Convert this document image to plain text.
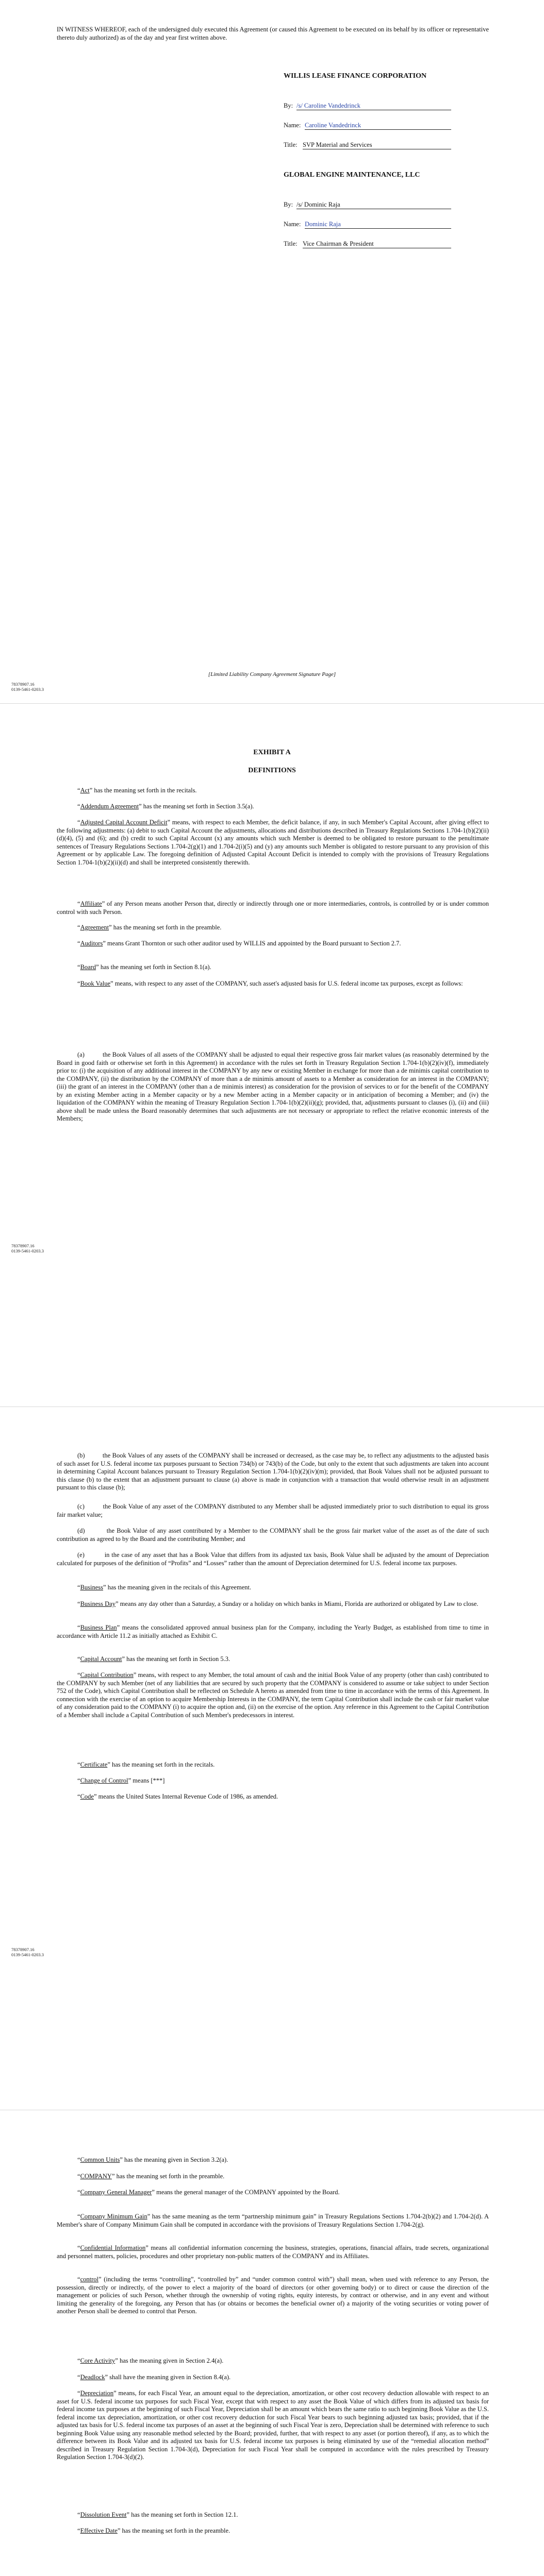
IN WITNESS WHEREOF, each of the undersigned duly executed this Agreement (or caused this Agreement to be executed on its behalf by its officer or representative thereto duly authorized) as of the day and year first written above.
WILLIS LEASE FINANCE CORPORATION
By: /s/ Caroline Vandedrinck
Name: Caroline Vandedrinck
Title: SVP Material and Services
GLOBAL ENGINE MAINTENANCE, LLC
By: /s/ Dominic Raja
Name: Dominic Raja
Title: Vice Chairman & President
[Limited Liability Company Agreement Signature Page]
78378907.16
0139-5461-0203.3
EXHIBIT A
DEFINITIONS
“Act” has the meaning set forth in the recitals.
“Addendum Agreement” has the meaning set forth in Section 3.5(a).
“Adjusted Capital Account Deficit” means, with respect to each Member, the deficit balance, if any, in such Member's Capital Account, after giving effect to the following adjustments: (a) debit to such Capital Account the adjustments, allocations and distributions described in Treasury Regulations Sections 1.704-1(b)(2)(ii)(d)(4), (5) and (6); and (b) credit to such Capital Account (x) any amounts which such Member is deemed to be obligated to restore pursuant to the penultimate sentences of Treasury Regulations Sections 1.704-2(g)(1) and 1.704-2(i)(5) and (y) any amounts such Member is obligated to restore pursuant to any provision of this Agreement or by applicable Law. The foregoing definition of Adjusted Capital Account Deficit is intended to comply with the provisions of Treasury Regulations Section 1.704-1(b)(2)(ii)(d) and shall be interpreted consistently therewith.
“Affiliate” of any Person means another Person that, directly or indirectly through one or more intermediaries, controls, is controlled by or is under common control with such Person.
“Agreement” has the meaning set forth in the preamble.
“Auditors” means Grant Thornton or such other auditor used by WILLIS and appointed by the Board pursuant to Section 2.7.
“Board” has the meaning set forth in Section 8.1(a).
“Book Value” means, with respect to any asset of the COMPANY, such asset's adjusted basis for U.S. federal income tax purposes, except as follows:
(a)          the Book Values of all assets of the COMPANY shall be adjusted to equal their respective gross fair market values (as reasonably determined by the Board in good faith or otherwise set forth in this Agreement) in accordance with the rules set forth in Treasury Regulation Section 1.704-1(b)(2)(iv)(f), immediately prior to: (i) the acquisition of any additional interest in the COMPANY by any new or existing Member in exchange for more than a de minimis capital contribution to the COMPANY, (ii) the distribution by the COMPANY of more than a de minimis amount of assets to a Member as consideration for an interest in the COMPANY; (iii) the grant of an interest in the COMPANY (other than a de minimis interest) as consideration for the provision of services to or for the benefit of the COMPANY by an existing Member acting in a Member capacity or by a new Member acting in a Member capacity or in anticipation of becoming a Member; and (iv) the liquidation of the COMPANY within the meaning of Treasury Regulation Section 1.704-1(b)(2)(ii)(g); provided, that, adjustments pursuant to clauses (i), (ii) and (iii) above shall be made unless the Board reasonably determines that such adjustments are not necessary or appropriate to reflect the relative economic interests of the Members;
78378907.16
0139-5461-0203.3
(b)          the Book Values of any assets of the COMPANY shall be increased or decreased, as the case may be, to reflect any adjustments to the adjusted basis of such asset for U.S. federal income tax purposes pursuant to Section 734(b) or 743(b) of the Code, but only to the extent that such adjustments are taken into account in determining Capital Account balances pursuant to Treasury Regulation Section 1.704-1(b)(2)(iv)(m); provided, that Book Values shall not be adjusted pursuant to this clause (b) to the extent that an adjustment pursuant to clause (a) above is made in conjunction with a transaction that would otherwise result in an adjustment pursuant to this clause (b);
(c)          the Book Value of any asset of the COMPANY distributed to any Member shall be adjusted immediately prior to such distribution to equal its gross fair market value;
(d)          the Book Value of any asset contributed by a Member to the COMPANY shall be the gross fair market value of the asset as of the date of such contribution as agreed to by the Board and the contributing Member; and
(e)          in the case of any asset that has a Book Value that differs from its adjusted tax basis, Book Value shall be adjusted by the amount of Depreciation calculated for purposes of the definition of “Profits” and “Losses” rather than the amount of Depreciation determined for U.S. federal income tax purposes.
“Business” has the meaning given in the recitals of this Agreement.
“Business Day” means any day other than a Saturday, a Sunday or a holiday on which banks in Miami, Florida are authorized or obligated by Law to close.
“Business Plan” means the consolidated approved annual business plan for the Company, including the Yearly Budget, as established from time to time in accordance with Article 11.2 as initially attached as Exhibit C.
“Capital Account” has the meaning set forth in Section 5.3.
“Capital Contribution” means, with respect to any Member, the total amount of cash and the initial Book Value of any property (other than cash) contributed to the COMPANY by such Member (net of any liabilities that are secured by such property that the COMPANY is considered to assume or take subject to under Section 752 of the Code), which Capital Contribution shall be reflected on Schedule A hereto as amended from time to time in accordance with the terms of this Agreement. In connection with the exercise of an option to acquire Membership Interests in the COMPANY, the term Capital Contribution shall include the cash or fair market value of any consideration paid to the COMPANY (i) to acquire the option and, (ii) on the exercise of the option. Any reference in this Agreement to the Capital Contribution of a Member shall include a Capital Contribution of such Member's predecessors in interest.
“Certificate” has the meaning set forth in the recitals.
“Change of Control” means [***]
“Code” means the United States Internal Revenue Code of 1986, as amended.
78378907.16
0139-5461-0203.3
“Common Units” has the meaning given in Section 3.2(a).
“COMPANY” has the meaning set forth in the preamble.
“Company General Manager” means the general manager of the COMPANY appointed by the Board.
“Company Minimum Gain” has the same meaning as the term “partnership minimum gain” in Treasury Regulations Sections 1.704-2(b)(2) and 1.704-2(d). A Member's share of Company Minimum Gain shall be computed in accordance with the provisions of Treasury Regulations Section 1.704-2(g).
“Confidential Information” means all confidential information concerning the business, strategies, operations, financial affairs, trade secrets, organizational and personnel matters, policies, procedures and other proprietary non-public matters of the COMPANY and its Affiliates.
“control” (including the terms “controlling”, “controlled by” and “under common control with”) shall mean, when used with reference to any Person, the possession, directly or indirectly, of the power to elect a majority of the board of directors (or other governing body) or to direct or cause the direction of the management or policies of such Person, whether through the ownership of voting rights, equity interests, by contract or otherwise, and in any event and without limiting the generality of the foregoing, any Person that has (or obtains or becomes the beneficial owner of) a majority of the voting securities or voting power of another Person shall be deemed to control that Person.
“Core Activity” has the meaning given in Section 2.4(a).
“Deadlock” shall have the meaning given in Section 8.4(a).
“Depreciation” means, for each Fiscal Year, an amount equal to the depreciation, amortization, or other cost recovery deduction allowable with respect to an asset for U.S. federal income tax purposes for such Fiscal Year, except that with respect to any asset the Book Value of which differs from its adjusted tax basis for federal income tax purposes at the beginning of such Fiscal Year, Depreciation shall be an amount which bears the same ratio to such beginning Book Value as the U.S. federal income tax depreciation, amortization, or other cost recovery deduction for such Fiscal Year bears to such beginning adjusted tax basis; provided, that if the adjusted tax basis for U.S. federal income tax purposes of an asset at the beginning of such Fiscal Year is zero, Depreciation shall be determined with reference to such beginning Book Value using any reasonable method selected by the Board; provided, further, that with respect to any asset (or portion thereof), if any, as to which the difference between its Book Value and its adjusted tax basis for U.S. federal income tax purposes is being eliminated by use of the “remedial allocation method” described in Treasury Regulation Section 1.704-3(d), Depreciation for such Fiscal Year shall be computed in accordance with the rules prescribed by Treasury Regulation Section 1.704-3(d)(2).
“Dissolution Event” has the meaning set forth in Section 12.1.
“Effective Date” has the meaning set forth in the preamble.
